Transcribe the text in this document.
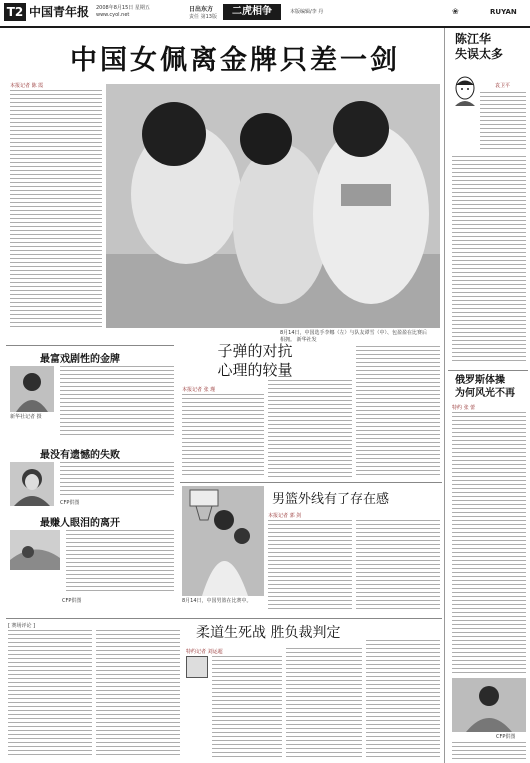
T2 中国青年报 2008年8月15日 星期五
www.cyol.net
日出东方
责任 第13版	二虎相争	本版编辑/李 丹	❀	RUYAN
中国女佩离金牌只差一剑
本报记者 陈 霞
8月14日，中国选手李娜（左）与队友谭雪（中）、包盈盈在比赛后相拥。 新华社发
陈江华
失误太多
袁卫平
俄罗斯体操
为何风光不再
特约 张 蕾
CFP供图
最富戏剧性的金牌
新华社记者 摄
最没有遗憾的失败
CFP供图
最赚人眼泪的离开
CFP供图
子弹的对抗
心理的较量
本报记者 张 瑾
8月14日，中国男篮在比赛中。
男篮外线有了存在感
本报记者 郭 剑
[ 赛场评论 ]	柔道生死战 胜负裁判定
特约记者 刘运超
